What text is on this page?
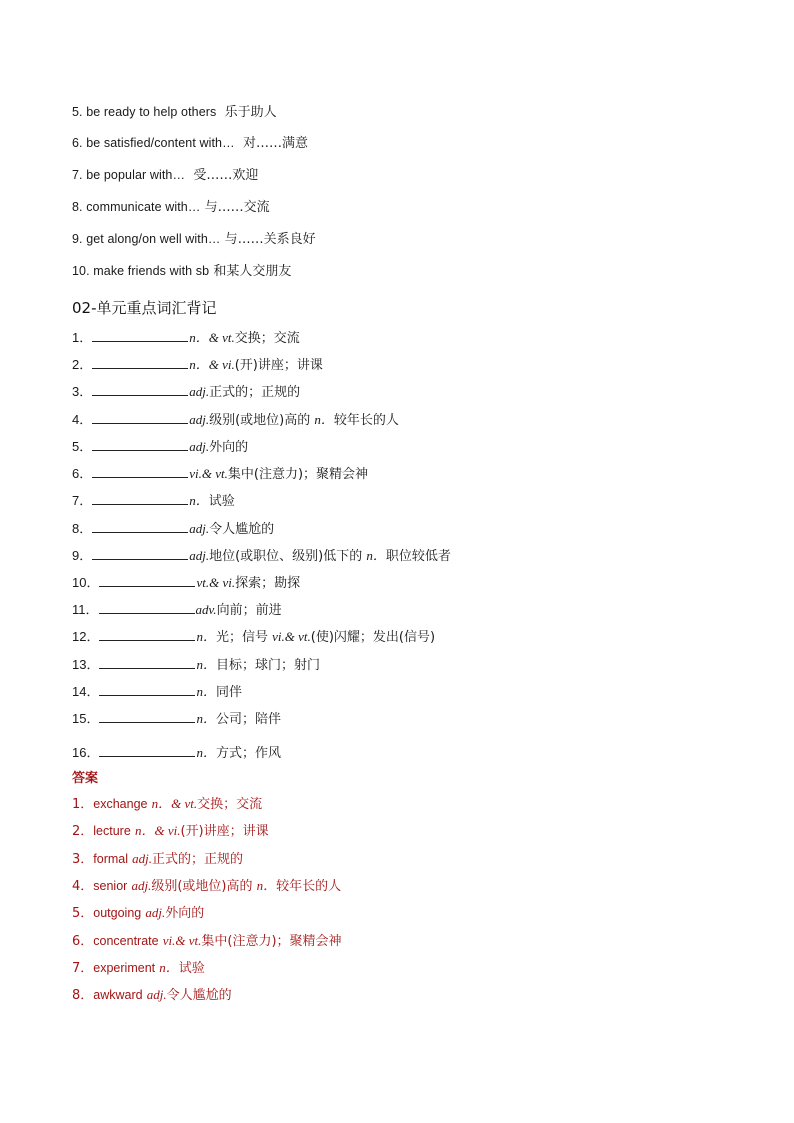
5. be ready to help others 乐于助人
6. be satisfied/content with… 对……满意
7. be popular with… 受……欢迎
8. communicate with… 与……交流
9. get along/on well with… 与……关系良好
10. make friends with sb 和某人交朋友
02-单元重点词汇背记
1．	n．& vt.交换；交流
2．	n．& vi.(开)讲座；讲课
3．	adj.正式的；正规的
4．	adj.级别(或地位)高的 n．较年长的人
5．	adj.外向的
6．	vi.& vt.集中(注意力)；聚精会神
7．	n．试验
8．	adj.令人尴尬的
9．	adj.地位(或职位、级别)低下的 n．职位较低者
10．	vt.& vi.探索；勘探
11．	adv.向前；前进
12．	n．光；信号 vi.& vt.(使)闪耀；发出(信号)
13．	n．目标；球门；射门
14．	n．同伴
15．	n．公司；陪伴
16．	n．方式；作风
答案
1．exchange n．& vt.交换；交流
2．lecture n．& vi.(开)讲座；讲课
3．formal adj.正式的；正规的
4．senior adj.级别(或地位)高的 n．较年长的人
5．outgoing adj.外向的
6．concentrate vi.& vt.集中(注意力)；聚精会神
7．experiment n．试验
8．awkward adj.令人尴尬的
